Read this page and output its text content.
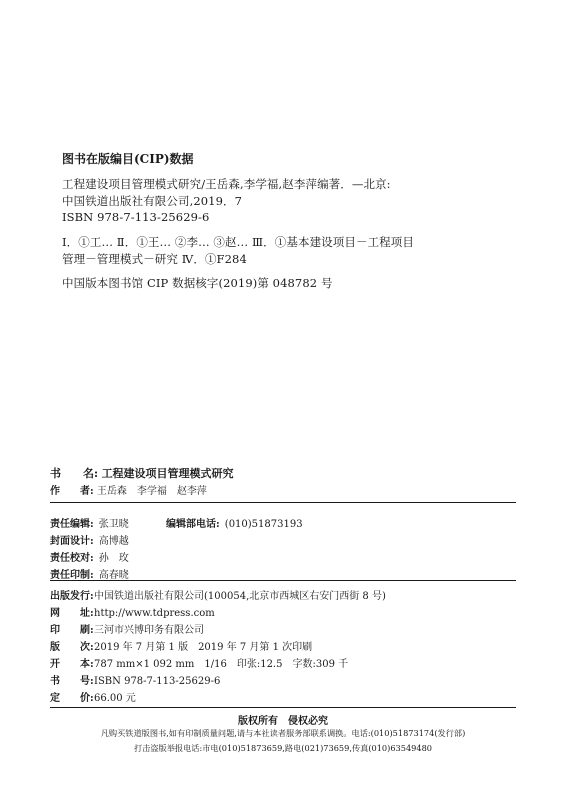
图书在版编目(CIP)数据
工程建设项目管理模式研究/王岳森,李学福,赵李萍编著．—北京:
中国铁道出版社有限公司,2019．7
ISBN 978-7-113-25629-6
Ⅰ．①工… Ⅱ．①王… ②李… ③赵… Ⅲ．①基本建设项目－工程项目
管理－管理模式－研究 Ⅳ．①F284
中国版本图书馆 CIP 数据核字(2019)第 048782 号
书　　名: 工程建设项目管理模式研究
作　　者: 王岳森　李学福　赵李萍
责任编辑: 张卫晓	编辑部电话: (010)51873193
封面设计: 高博越
责任校对: 孙　玫
责任印制: 高春晓
出版发行:中国铁道出版社有限公司(100054,北京市西城区右安门西街 8 号)
网　　址:http://www.tdpress.com
印　　刷:三河市兴博印务有限公司
版　　次:2019 年 7 月第 1 版　2019 年 7 月第 1 次印刷
开　　本:787 mm×1 092 mm　1/16　印张:12.5　字数:309 千
书　　号:ISBN 978-7-113-25629-6
定　　价:66.00 元
版权所有　侵权必究
凡购买铁道版图书,如有印制质量问题,请与本社读者服务部联系调换。电话:(010)51873174(发行部)
打击盗版举报电话:市电(010)51873659,路电(021)73659,传真(010)63549480
